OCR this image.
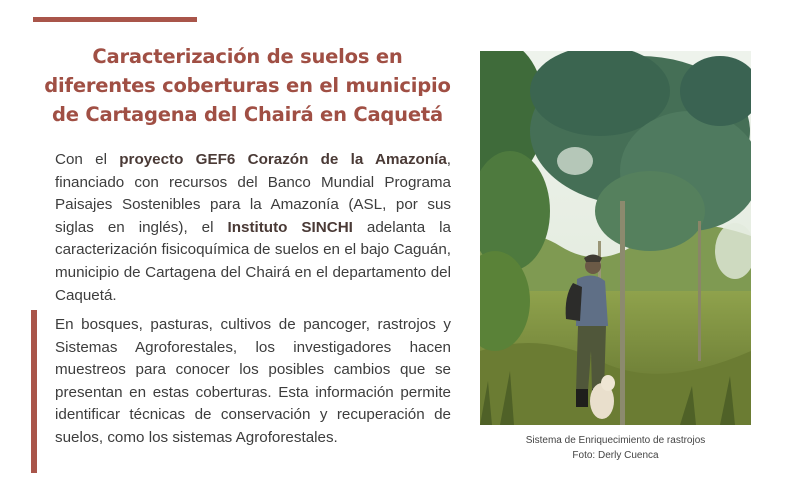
Caracterización de suelos en diferentes coberturas en el municipio de Cartagena del Chairá en Caquetá

Con el proyecto GEF6 Corazón de la Amazonía, financiado con recursos del Banco Mundial Programa Paisajes Sostenibles para la Amazonía (ASL, por sus siglas en inglés), el Instituto SINCHI adelanta la caracterización fisicoquímica de suelos en el bajo Caguán, municipio de Cartagena del Chairá en el departamento del Caquetá.

En bosques, pasturas, cultivos de pancoger, rastrojos y Sistemas Agroforestales, los investigadores hacen muestreos para conocer los posibles cambios que se presentan en estas coberturas. Esta información permite identificar técnicas de conservación y recuperación de suelos, como los sistemas Agroforestales.	Sistema de Enriquecimiento de rastrojos
Foto: Derly Cuenca
